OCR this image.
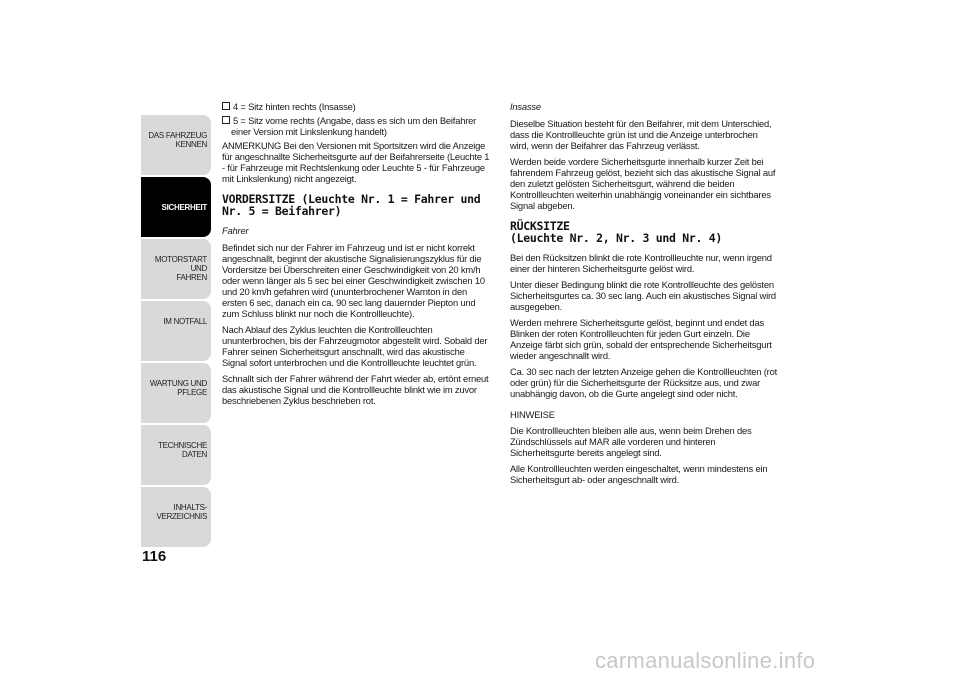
DAS FAHRZEUG
KENNEN
SICHERHEIT
MOTORSTART UND
FAHREN
IM NOTFALL
WARTUNG UND
PFLEGE
TECHNISCHE DATEN
INHALTS-
VERZEICHNIS
116

4 = Sitz hinten rechts (Insasse)

5 = Sitz vorne rechts (Angabe, dass es sich um den Beifahrer einer Version mit Linkslenkung handelt)

ANMERKUNG Bei den Versionen mit Sportsitzen wird die Anzeige für angeschnallte Sicherheitsgurte auf der Beifahrerseite (Leuchte 1 - für Fahrzeuge mit Rechtslenkung oder Leuchte 5 - für Fahrzeuge mit Linkslenkung) nicht angezeigt.

VORDERSITZE (Leuchte Nr. 1 = Fahrer und Nr. 5 = Beifahrer)

Fahrer

Befindet sich nur der Fahrer im Fahrzeug und ist er nicht korrekt angeschnallt, beginnt der akustische Signalisierungszyklus für die Vordersitze bei Überschreiten einer Geschwindigkeit von 20 km/h oder wenn länger als 5 sec bei einer Geschwindigkeit zwischen 10 und 20 km/h gefahren wird (ununterbrochener Warnton in den ersten 6 sec, danach ein ca. 90 sec lang dauernder Piepton und zum Schluss blinkt nur noch die Kontrollleuchte).

Nach Ablauf des Zyklus leuchten die Kontrollleuchten ununterbrochen, bis der Fahrzeugmotor abgestellt wird. Sobald der Fahrer seinen Sicherheitsgurt anschnallt, wird das akustische Signal sofort unterbrochen und die Kontrollleuchte leuchtet grün.

Schnallt sich der Fahrer während der Fahrt wieder ab, ertönt erneut das akustische Signal und die Kontrollleuchte blinkt wie im zuvor beschriebenen Zyklus beschrieben rot.

Insasse

Dieselbe Situation besteht für den Beifahrer, mit dem Unterschied, dass die Kontrollleuchte grün ist und die Anzeige unterbrochen wird, wenn der Beifahrer das Fahrzeug verlässt.

Werden beide vordere Sicherheitsgurte innerhalb kurzer Zeit bei fahrendem Fahrzeug gelöst, bezieht sich das akustische Signal auf den zuletzt gelösten Sicherheitsgurt, während die beiden Kontrollleuchten weiterhin unabhängig voneinander ein sichtbares Signal abgeben.

RÜCKSITZE
(Leuchte Nr. 2, Nr. 3 und Nr. 4)

Bei den Rücksitzen blinkt die rote Kontrollleuchte nur, wenn irgend einer der hinteren Sicherheitsgurte gelöst wird.

Unter dieser Bedingung blinkt die rote Kontrollleuchte des gelösten Sicherheitsgurtes ca. 30 sec lang. Auch ein akustisches Signal wird ausgegeben.

Werden mehrere Sicherheitsgurte gelöst, beginnt und endet das Blinken der roten Kontrollleuchten für jeden Gurt einzeln. Die Anzeige färbt sich grün, sobald der entsprechende Sicherheitsgurt wieder angeschnallt wird.

Ca. 30 sec nach der letzten Anzeige gehen die Kontrollleuchten (rot oder grün) für die Sicherheitsgurte der Rücksitze aus, und zwar unabhängig davon, ob die Gurte angelegt sind oder nicht.

HINWEISE

Die Kontrollleuchten bleiben alle aus, wenn beim Drehen des Zündschlüssels auf MAR alle vorderen und hinteren Sicherheitsgurte bereits angelegt sind.

Alle Kontrollleuchten werden eingeschaltet, wenn mindestens ein Sicherheitsgurt ab- oder angeschnallt wird.

carmanualsonline.info
